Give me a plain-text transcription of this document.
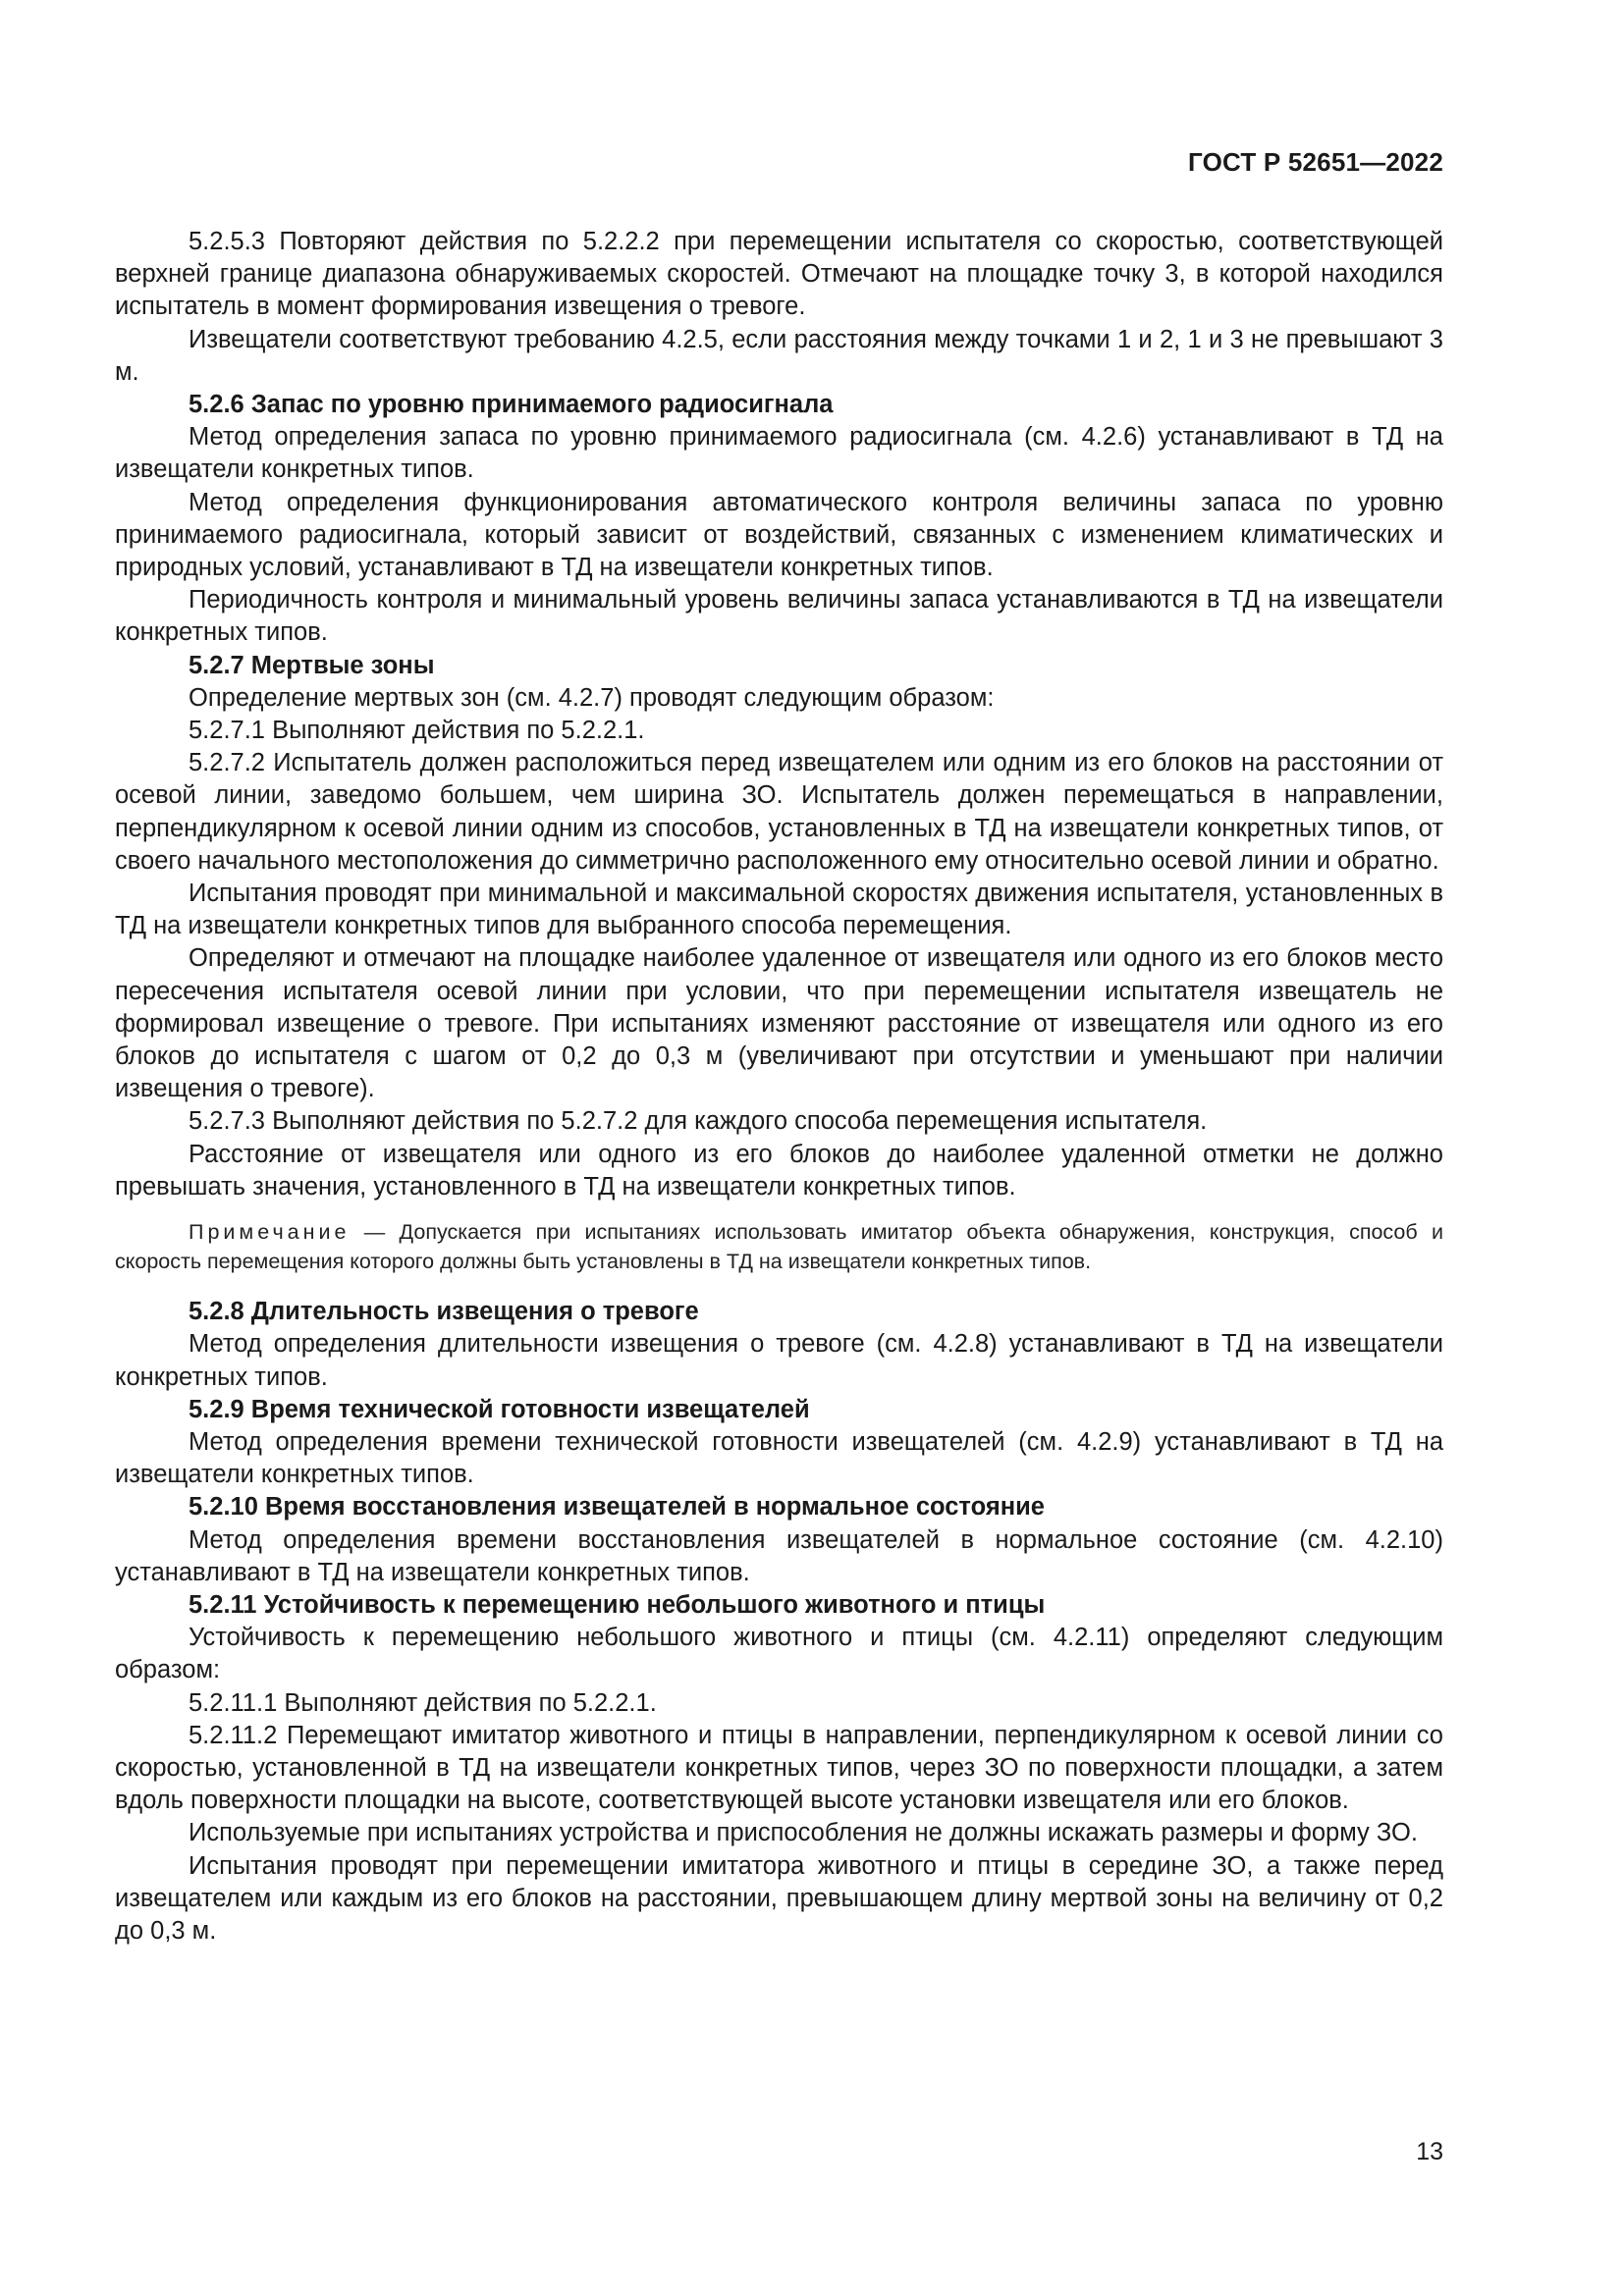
ГОСТ Р 52651—2022

5.2.5.3 Повторяют действия по 5.2.2.2 при перемещении испытателя со скоростью, соответствующей верхней границе диапазона обнаруживаемых скоростей. Отмечают на площадке точку 3, в которой находился испытатель в момент формирования извещения о тревоге.

Извещатели соответствуют требованию 4.2.5, если расстояния между точками 1 и 2, 1 и 3 не превышают 3 м.

5.2.6 Запас по уровню принимаемого радиосигнала

Метод определения запаса по уровню принимаемого радиосигнала (см. 4.2.6) устанавливают в ТД на извещатели конкретных типов.

Метод определения функционирования автоматического контроля величины запаса по уровню принимаемого радиосигнала, который зависит от воздействий, связанных с изменением климатических и природных условий, устанавливают в ТД на извещатели конкретных типов.

Периодичность контроля и минимальный уровень величины запаса устанавливаются в ТД на извещатели конкретных типов.

5.2.7 Мертвые зоны

Определение мертвых зон (см. 4.2.7) проводят следующим образом:

5.2.7.1 Выполняют действия по 5.2.2.1.

5.2.7.2 Испытатель должен расположиться перед извещателем или одним из его блоков на расстоянии от осевой линии, заведомо большем, чем ширина ЗО. Испытатель должен перемещаться в направлении, перпендикулярном к осевой линии одним из способов, установленных в ТД на извещатели конкретных типов, от своего начального местоположения до симметрично расположенного ему относительно осевой линии и обратно.

Испытания проводят при минимальной и максимальной скоростях движения испытателя, установленных в ТД на извещатели конкретных типов для выбранного способа перемещения.

Определяют и отмечают на площадке наиболее удаленное от извещателя или одного из его блоков место пересечения испытателя осевой линии при условии, что при перемещении испытателя извещатель не формировал извещение о тревоге. При испытаниях изменяют расстояние от извещателя или одного из его блоков до испытателя с шагом от 0,2 до 0,3 м (увеличивают при отсутствии и уменьшают при наличии извещения о тревоге).

5.2.7.3 Выполняют действия по 5.2.7.2 для каждого способа перемещения испытателя.

Расстояние от извещателя или одного из его блоков до наиболее удаленной отметки не должно превышать значения, установленного в ТД на извещатели конкретных типов.

Примечание — Допускается при испытаниях использовать имитатор объекта обнаружения, конструкция, способ и скорость перемещения которого должны быть установлены в ТД на извещатели конкретных типов.

5.2.8 Длительность извещения о тревоге

Метод определения длительности извещения о тревоге (см. 4.2.8) устанавливают в ТД на извещатели конкретных типов.

5.2.9 Время технической готовности извещателей

Метод определения времени технической готовности извещателей (см. 4.2.9) устанавливают в ТД на извещатели конкретных типов.

5.2.10 Время восстановления извещателей в нормальное состояние

Метод определения времени восстановления извещателей в нормальное состояние (см. 4.2.10) устанавливают в ТД на извещатели конкретных типов.

5.2.11 Устойчивость к перемещению небольшого животного и птицы

Устойчивость к перемещению небольшого животного и птицы (см. 4.2.11) определяют следующим образом:

5.2.11.1 Выполняют действия по 5.2.2.1.

5.2.11.2 Перемещают имитатор животного и птицы в направлении, перпендикулярном к осевой линии со скоростью, установленной в ТД на извещатели конкретных типов, через ЗО по поверхности площадки, а затем вдоль поверхности площадки на высоте, соответствующей высоте установки извещателя или его блоков.

Используемые при испытаниях устройства и приспособления не должны искажать размеры и форму ЗО.

Испытания проводят при перемещении имитатора животного и птицы в середине ЗО, а также перед извещателем или каждым из его блоков на расстоянии, превышающем длину мертвой зоны на величину от 0,2 до 0,3 м.

13
